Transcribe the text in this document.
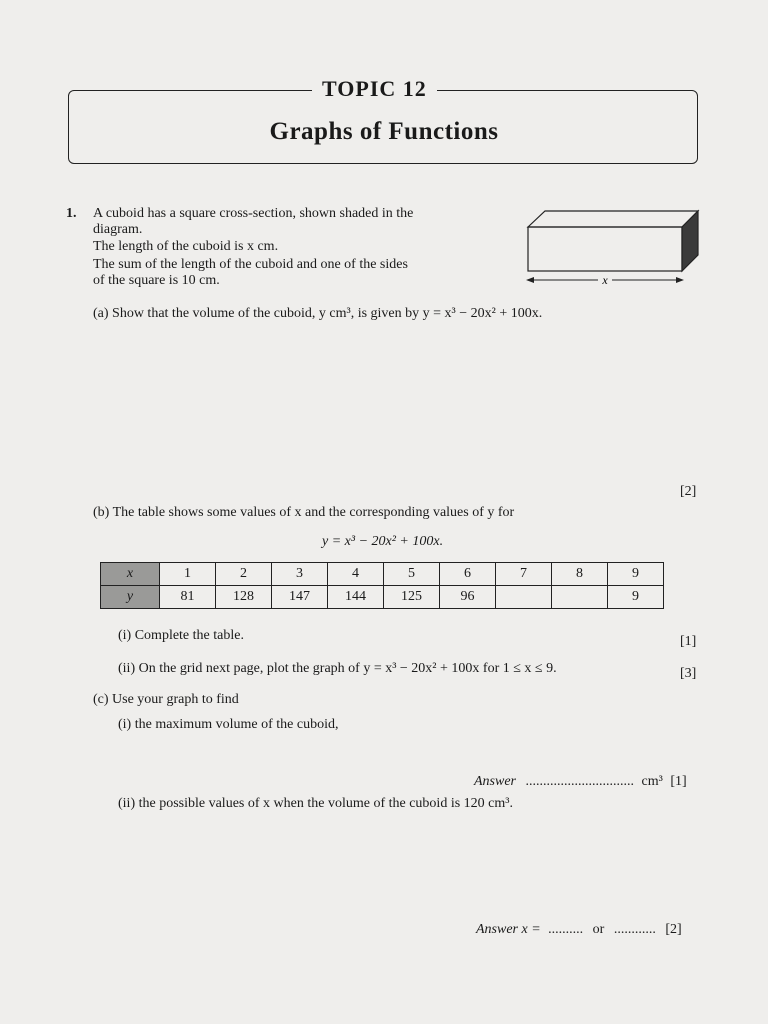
TOPIC 12
Graphs of Functions
1. A cuboid has a square cross-section, shown shaded in the
diagram.
The length of the cuboid is x cm.
The sum of the length of the cuboid and one of the sides
of the square is 10 cm.	x
(a) Show that the volume of the cuboid, y cm³, is given by y = x³ − 20x² + 100x.
[2]
(b) The table shows some values of x and the corresponding values of y for
y = x³ − 20x² + 100x.
x	1	2	3	4	5	6	7	8	9
y	81	128	147	144	125	96			9
(i) Complete the table.	[1]
(ii) On the grid next page, plot the graph of y = x³ − 20x² + 100x for 1 ≤ x ≤ 9.	[3]
(c) Use your graph to find
(i) the maximum volume of the cuboid,
Answer ............................... cm³ [1]
(ii) the possible values of x when the volume of the cuboid is 120 cm³.
Answer x = .......... or ............ [2]
